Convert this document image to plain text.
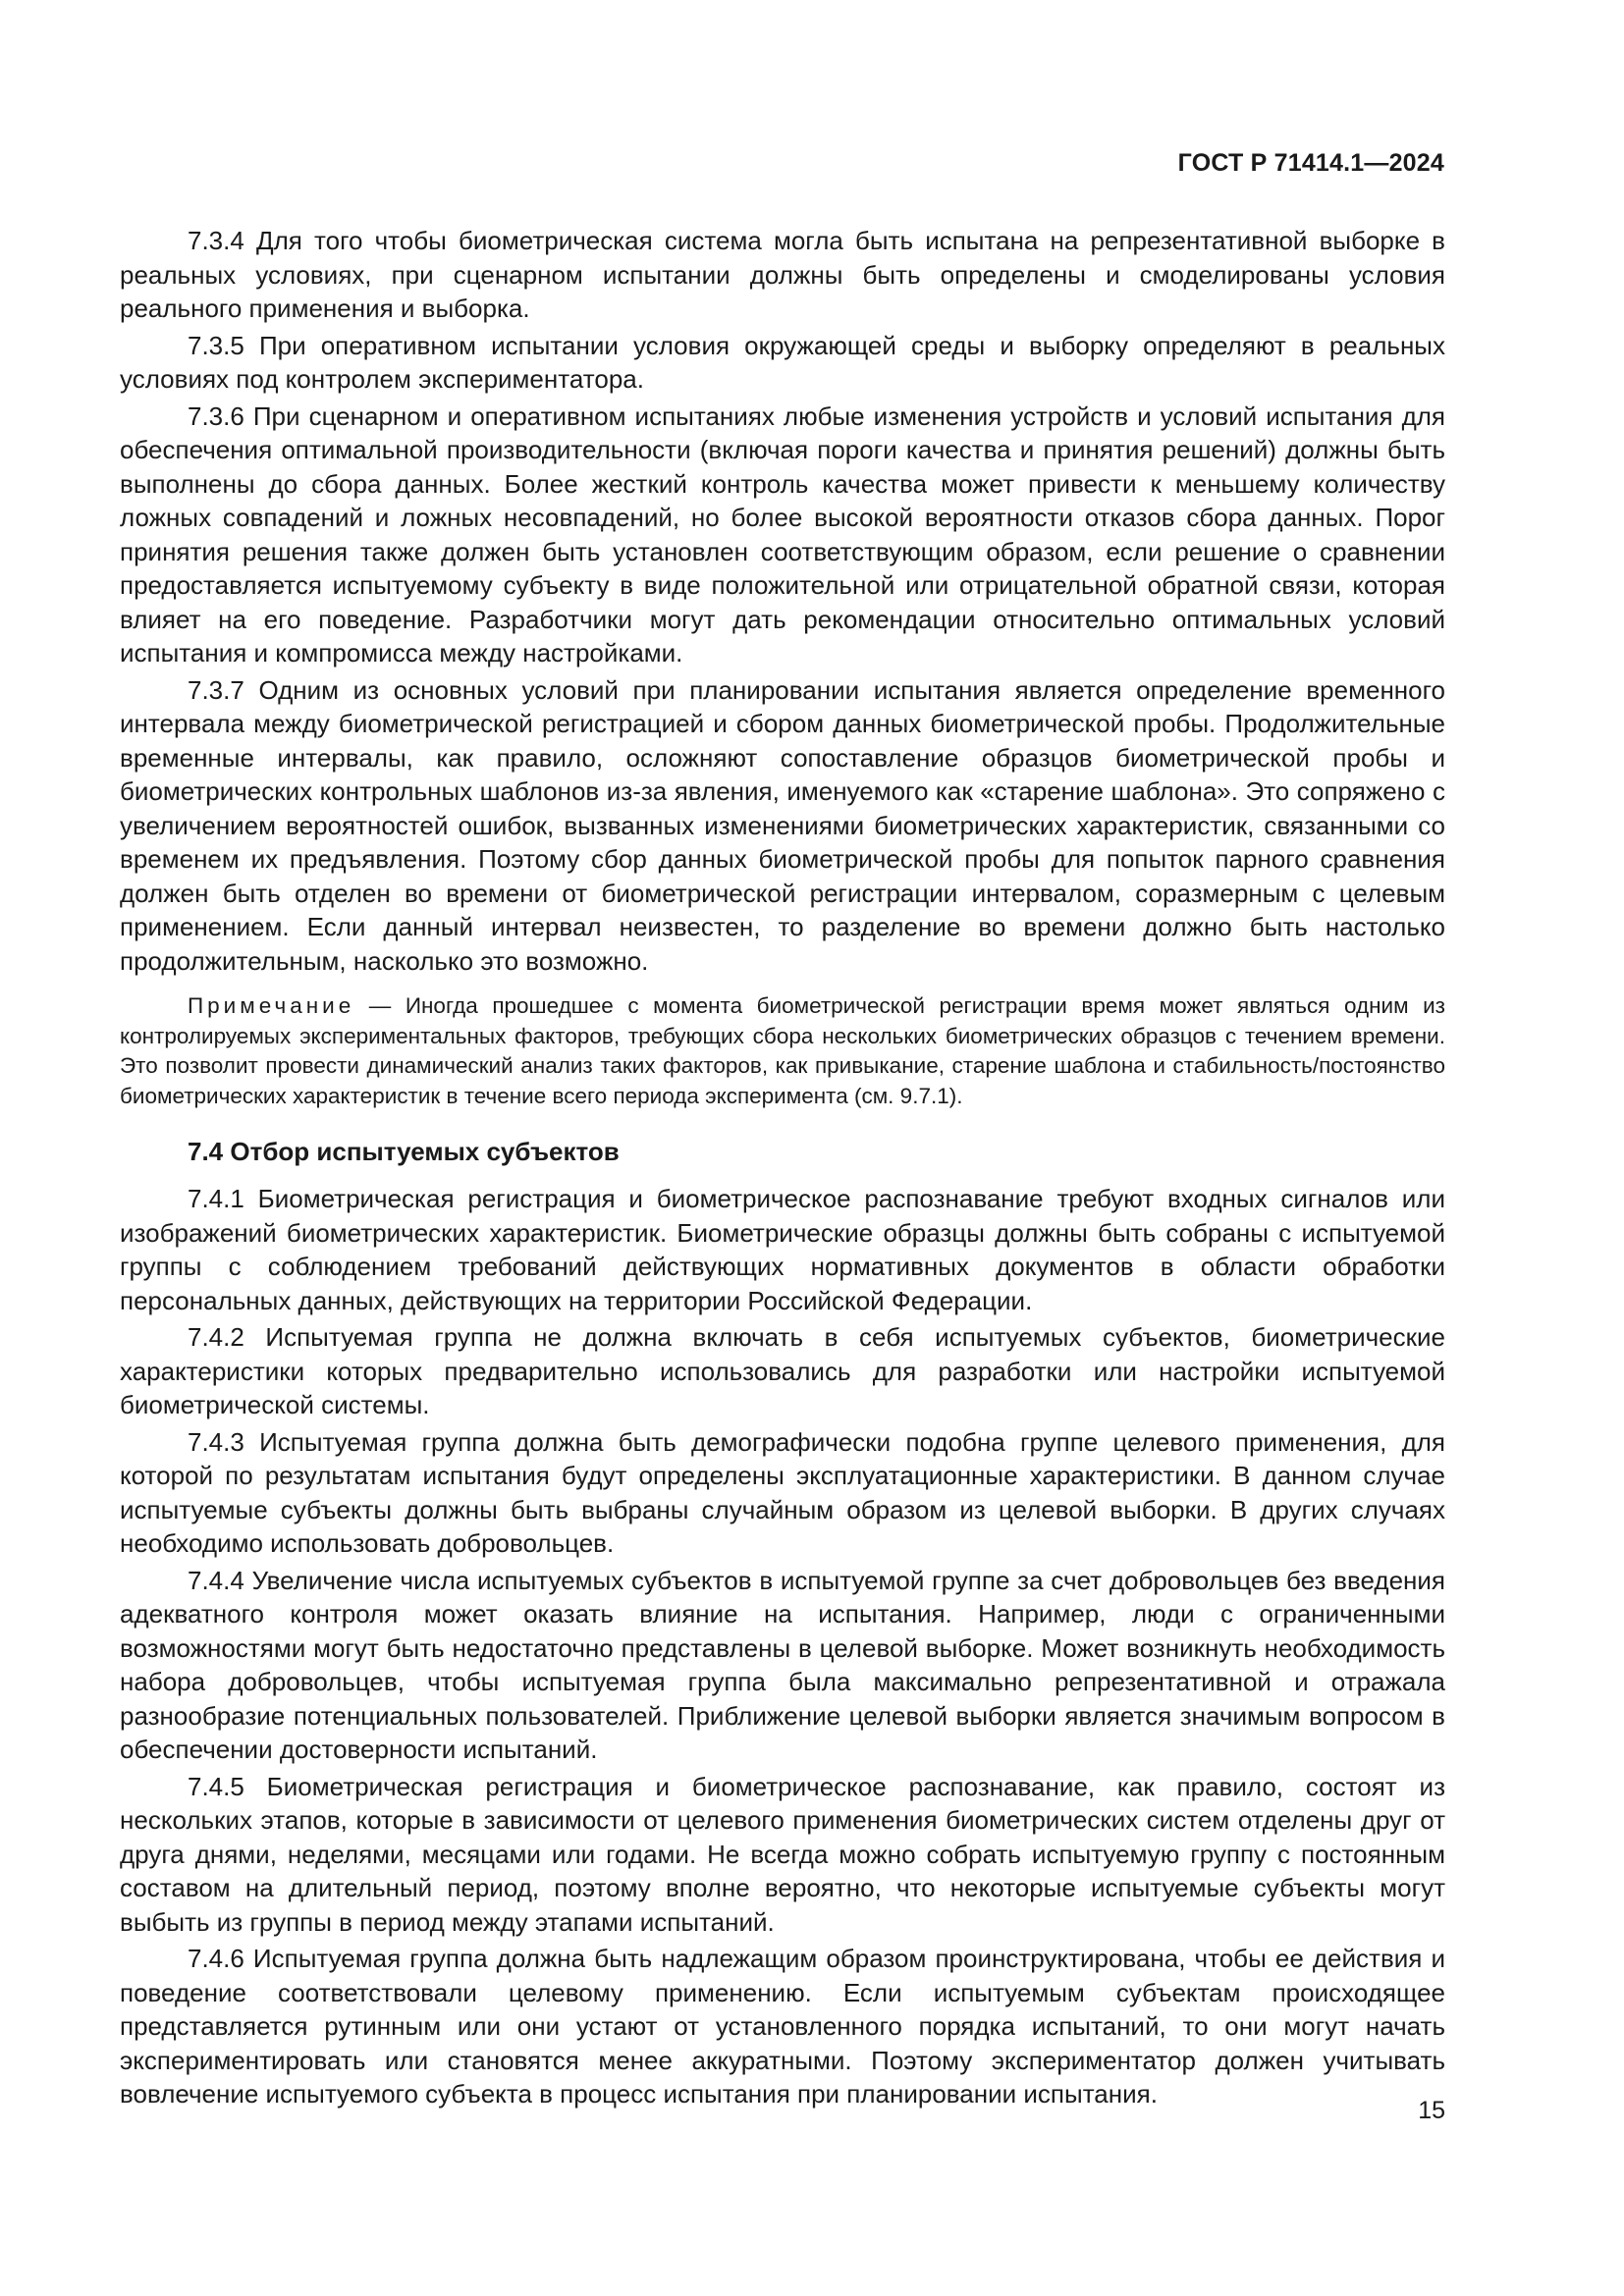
ГОСТ Р 71414.1—2024

7.3.4 Для того чтобы биометрическая система могла быть испытана на репрезентативной выборке в реальных условиях, при сценарном испытании должны быть определены и смоделированы условия реального применения и выборка.

7.3.5 При оперативном испытании условия окружающей среды и выборку определяют в реальных условиях под контролем экспериментатора.

7.3.6 При сценарном и оперативном испытаниях любые изменения устройств и условий испытания для обеспечения оптимальной производительности (включая пороги качества и принятия решений) должны быть выполнены до сбора данных. Более жесткий контроль качества может привести к меньшему количеству ложных совпадений и ложных несовпадений, но более высокой вероятности отказов сбора данных. Порог принятия решения также должен быть установлен соответствующим образом, если решение о сравнении предоставляется испытуемому субъекту в виде положительной или отрицательной обратной связи, которая влияет на его поведение. Разработчики могут дать рекомендации относительно оптимальных условий испытания и компромисса между настройками.

7.3.7 Одним из основных условий при планировании испытания является определение временного интервала между биометрической регистрацией и сбором данных биометрической пробы. Продолжительные временные интервалы, как правило, осложняют сопоставление образцов биометрической пробы и биометрических контрольных шаблонов из-за явления, именуемого как «старение шаблона». Это сопряжено с увеличением вероятностей ошибок, вызванных изменениями биометрических характеристик, связанными со временем их предъявления. Поэтому сбор данных биометрической пробы для попыток парного сравнения должен быть отделен во времени от биометрической регистрации интервалом, соразмерным с целевым применением. Если данный интервал неизвестен, то разделение во времени должно быть настолько продолжительным, насколько это возможно.

Примечание — Иногда прошедшее с момента биометрической регистрации время может являться одним из контролируемых экспериментальных факторов, требующих сбора нескольких биометрических образцов с течением времени. Это позволит провести динамический анализ таких факторов, как привыкание, старение шаблона и стабильность/постоянство биометрических характеристик в течение всего периода эксперимента (см. 9.7.1).

7.4 Отбор испытуемых субъектов

7.4.1 Биометрическая регистрация и биометрическое распознавание требуют входных сигналов или изображений биометрических характеристик. Биометрические образцы должны быть собраны с испытуемой группы с соблюдением требований действующих нормативных документов в области обработки персональных данных, действующих на территории Российской Федерации.

7.4.2 Испытуемая группа не должна включать в себя испытуемых субъектов, биометрические характеристики которых предварительно использовались для разработки или настройки испытуемой биометрической системы.

7.4.3 Испытуемая группа должна быть демографически подобна группе целевого применения, для которой по результатам испытания будут определены эксплуатационные характеристики. В данном случае испытуемые субъекты должны быть выбраны случайным образом из целевой выборки. В других случаях необходимо использовать добровольцев.

7.4.4 Увеличение числа испытуемых субъектов в испытуемой группе за счет добровольцев без введения адекватного контроля может оказать влияние на испытания. Например, люди с ограниченными возможностями могут быть недостаточно представлены в целевой выборке. Может возникнуть необходимость набора добровольцев, чтобы испытуемая группа была максимально репрезентативной и отражала разнообразие потенциальных пользователей. Приближение целевой выборки является значимым вопросом в обеспечении достоверности испытаний.

7.4.5 Биометрическая регистрация и биометрическое распознавание, как правило, состоят из нескольких этапов, которые в зависимости от целевого применения биометрических систем отделены друг от друга днями, неделями, месяцами или годами. Не всегда можно собрать испытуемую группу с постоянным составом на длительный период, поэтому вполне вероятно, что некоторые испытуемые субъекты могут выбыть из группы в период между этапами испытаний.

7.4.6 Испытуемая группа должна быть надлежащим образом проинструктирована, чтобы ее действия и поведение соответствовали целевому применению. Если испытуемым субъектам происходящее представляется рутинным или они устают от установленного порядка испытаний, то они могут начать экспериментировать или становятся менее аккуратными. Поэтому экспериментатор должен учитывать вовлечение испытуемого субъекта в процесс испытания при планировании испытания.

15
